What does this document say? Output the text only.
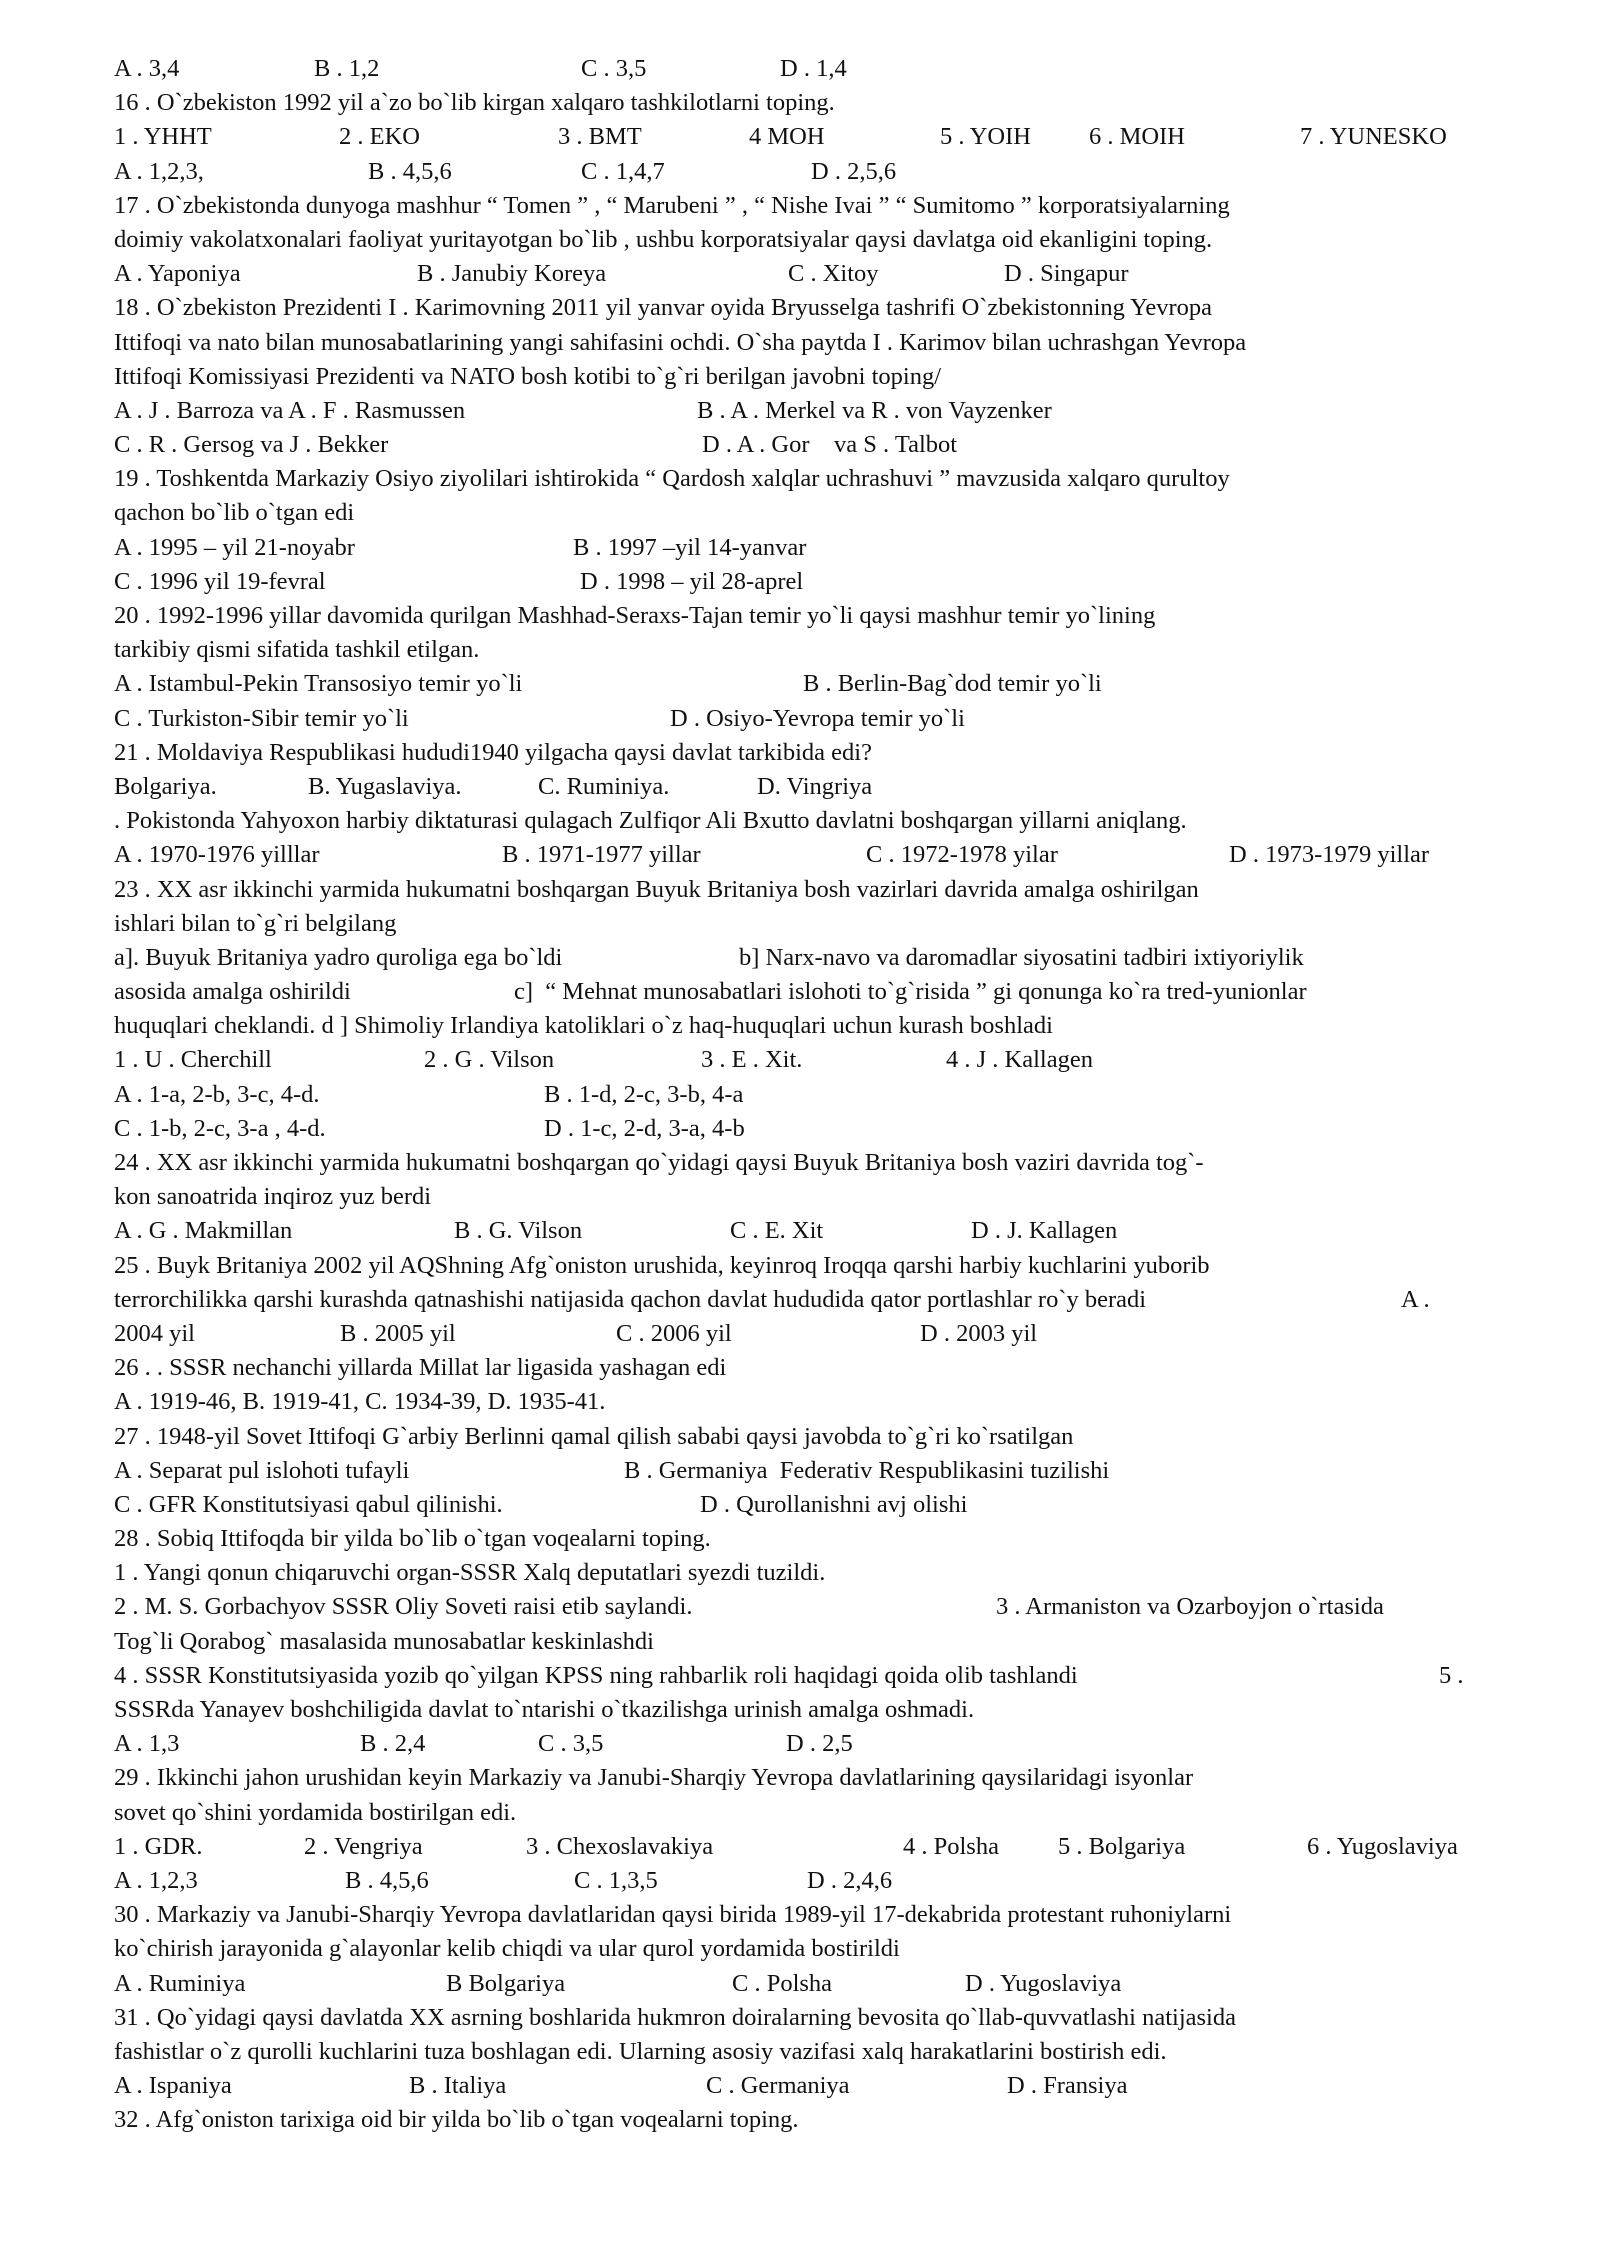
A . 3,4	B . 1,2	C . 3,5	D . 1,4
16 . O`zbekiston 1992 yil a`zo bo`lib kirgan xalqaro tashkilotlarni toping.
1 . YHHT	2 . EKO	3 . BMT	4 MOH	5 . YOIH 6 . MOIH	7 . YUNESKO
A . 1,2,3,	B . 4,5,6	C . 1,4,7	D . 2,5,6
17 . O`zbekistonda dunyoga mashhur “ Tomen ” , “ Marubeni ” , “ Nishe Ivai ” “ Sumitomo ” korporatsiyalarning
doimiy vakolatxonalari faoliyat yuritayotgan bo`lib , ushbu korporatsiyalar qaysi davlatga oid ekanligini toping.
A . Yaponiya	B . Janubiy Koreya	C . Xitoy	D . Singapur
18 . O`zbekiston Prezidenti I . Karimovning 2011 yil yanvar oyida Bryusselga tashrifi O`zbekistonning Yevropa
Ittifoqi va nato bilan munosabatlarining yangi sahifasini ochdi. O`sha paytda I . Karimov bilan uchrashgan Yevropa
Ittifoqi Komissiyasi Prezidenti va NATO bosh kotibi to`g`ri berilgan javobni toping/
A . J . Barroza va A . F . Rasmussen	B . A . Merkel va R . von Vayzenker
C . R . Gersog va J . Bekker	D . A . Gor    va S . Talbot
19 . Toshkentda Markaziy Osiyo ziyolilari ishtirokida “ Qardosh xalqlar uchrashuvi ” mavzusida xalqaro qurultoy
qachon bo`lib o`tgan edi
A . 1995 – yil 21-noyabr	B . 1997 –yil 14-yanvar
C . 1996 yil 19-fevral	D . 1998 – yil 28-aprel
20 . 1992-1996 yillar davomida qurilgan Mashhad-Seraxs-Tajan temir yo`li qaysi mashhur temir yo`lining
tarkibiy qismi sifatida tashkil etilgan.
A . Istambul-Pekin Transosiyo temir yo`li	B . Berlin-Bag`dod temir yo`li
C . Turkiston-Sibir temir yo`li	D . Osiyo-Yevropa temir yo`li
21 . Moldaviya Respublikasi hududi1940 yilgacha qaysi davlat tarkibida edi?
Bolgariya.	B. Yugaslaviya.	C. Ruminiya.	D. Vingriya
. Pokistonda Yahyoxon harbiy diktaturasi qulagach Zulfiqor Ali Bxutto davlatni boshqargan yillarni aniqlang.
A . 1970-1976 yilllar	B . 1971-1977 yillar	C . 1972-1978 yilar	D . 1973-1979 yillar
23 . XX asr ikkinchi yarmida hukumatni boshqargan Buyuk Britaniya bosh vazirlari davrida amalga oshirilgan
ishlari bilan to`g`ri belgilang
a]. Buyuk Britaniya yadro quroliga ega bo`ldi	b] Narx-navo va daromadlar siyosatini tadbiri ixtiyoriylik
asosida amalga oshirildi	c]  “ Mehnat munosabatlari islohoti to`g`risida ” gi qonunga ko`ra tred-yunionlar
huquqlari cheklandi. d ] Shimoliy Irlandiya katoliklari o`z haq-huquqlari uchun kurash boshladi
1 . U . Cherchill	2 . G . Vilson	3 . E . Xit.	4 . J . Kallagen
A . 1-a, 2-b, 3-c, 4-d.	B . 1-d, 2-c, 3-b, 4-a
C . 1-b, 2-c, 3-a , 4-d.	D . 1-c, 2-d, 3-a, 4-b
24 . XX asr ikkinchi yarmida hukumatni boshqargan qo`yidagi qaysi Buyuk Britaniya bosh vaziri davrida tog`-
kon sanoatrida inqiroz yuz berdi
A . G . Makmillan	B . G. Vilson	C . E. Xit	D . J. Kallagen
25 . Buyk Britaniya 2002 yil AQShning Afg`oniston urushida, keyinroq Iroqqa qarshi harbiy kuchlarini yuborib
terrorchilikka qarshi kurashda qatnashishi natijasida qachon davlat hududida qator portlashlar ro`y beradi	A .
2004 yil	B . 2005 yil	C . 2006 yil	D . 2003 yil
26 . . SSSR nechanchi yillarda Millat lar ligasida yashagan edi
A . 1919-46, B. 1919-41, C. 1934-39, D. 1935-41.
27 . 1948-yil Sovet Ittifoqi G`arbiy Berlinni qamal qilish sababi qaysi javobda to`g`ri ko`rsatilgan
A . Separat pul islohoti tufayli	B . Germaniya  Federativ Respublikasini tuzilishi
C . GFR Konstitutsiyasi qabul qilinishi.	D . Qurollanishni avj olishi
28 . Sobiq Ittifoqda bir yilda bo`lib o`tgan voqealarni toping.
1 . Yangi qonun chiqaruvchi organ-SSSR Xalq deputatlari syezdi tuzildi.
2 . M. S. Gorbachyov SSSR Oliy Soveti raisi etib saylandi.	3 . Armaniston va Ozarboyjon o`rtasida
Tog`li Qorabog` masalasida munosabatlar keskinlashdi
4 . SSSR Konstitutsiyasida yozib qo`yilgan KPSS ning rahbarlik roli haqidagi qoida olib tashlandi	5 .
SSSRda Yanayev boshchiligida davlat to`ntarishi o`tkazilishga urinish amalga oshmadi.
A . 1,3	B . 2,4	C . 3,5	D . 2,5
29 . Ikkinchi jahon urushidan keyin Markaziy va Janubi-Sharqiy Yevropa davlatlarining qaysilaridagi isyonlar
sovet qo`shini yordamida bostirilgan edi.
1 . GDR.	2 . Vengriya	3 . Chexoslavakiya	4 . Polsha 5 . Bolgariya	6 . Yugoslaviya
A . 1,2,3	B . 4,5,6	C . 1,3,5	D . 2,4,6
30 . Markaziy va Janubi-Sharqiy Yevropa davlatlaridan qaysi birida 1989-yil 17-dekabrida protestant ruhoniylarni
ko`chirish jarayonida g`alayonlar kelib chiqdi va ular qurol yordamida bostirildi
A . Ruminiya	B Bolgariya	C . Polsha	D . Yugoslaviya
31 . Qo`yidagi qaysi davlatda XX asrning boshlarida hukmron doiralarning bevosita qo`llab-quvvatlashi natijasida
fashistlar o`z qurolli kuchlarini tuza boshlagan edi. Ularning asosiy vazifasi xalq harakatlarini bostirish edi.
A . Ispaniya	B . Italiya	C . Germaniya	D . Fransiya
32 . Afg`oniston tarixiga oid bir yilda bo`lib o`tgan voqealarni toping.
